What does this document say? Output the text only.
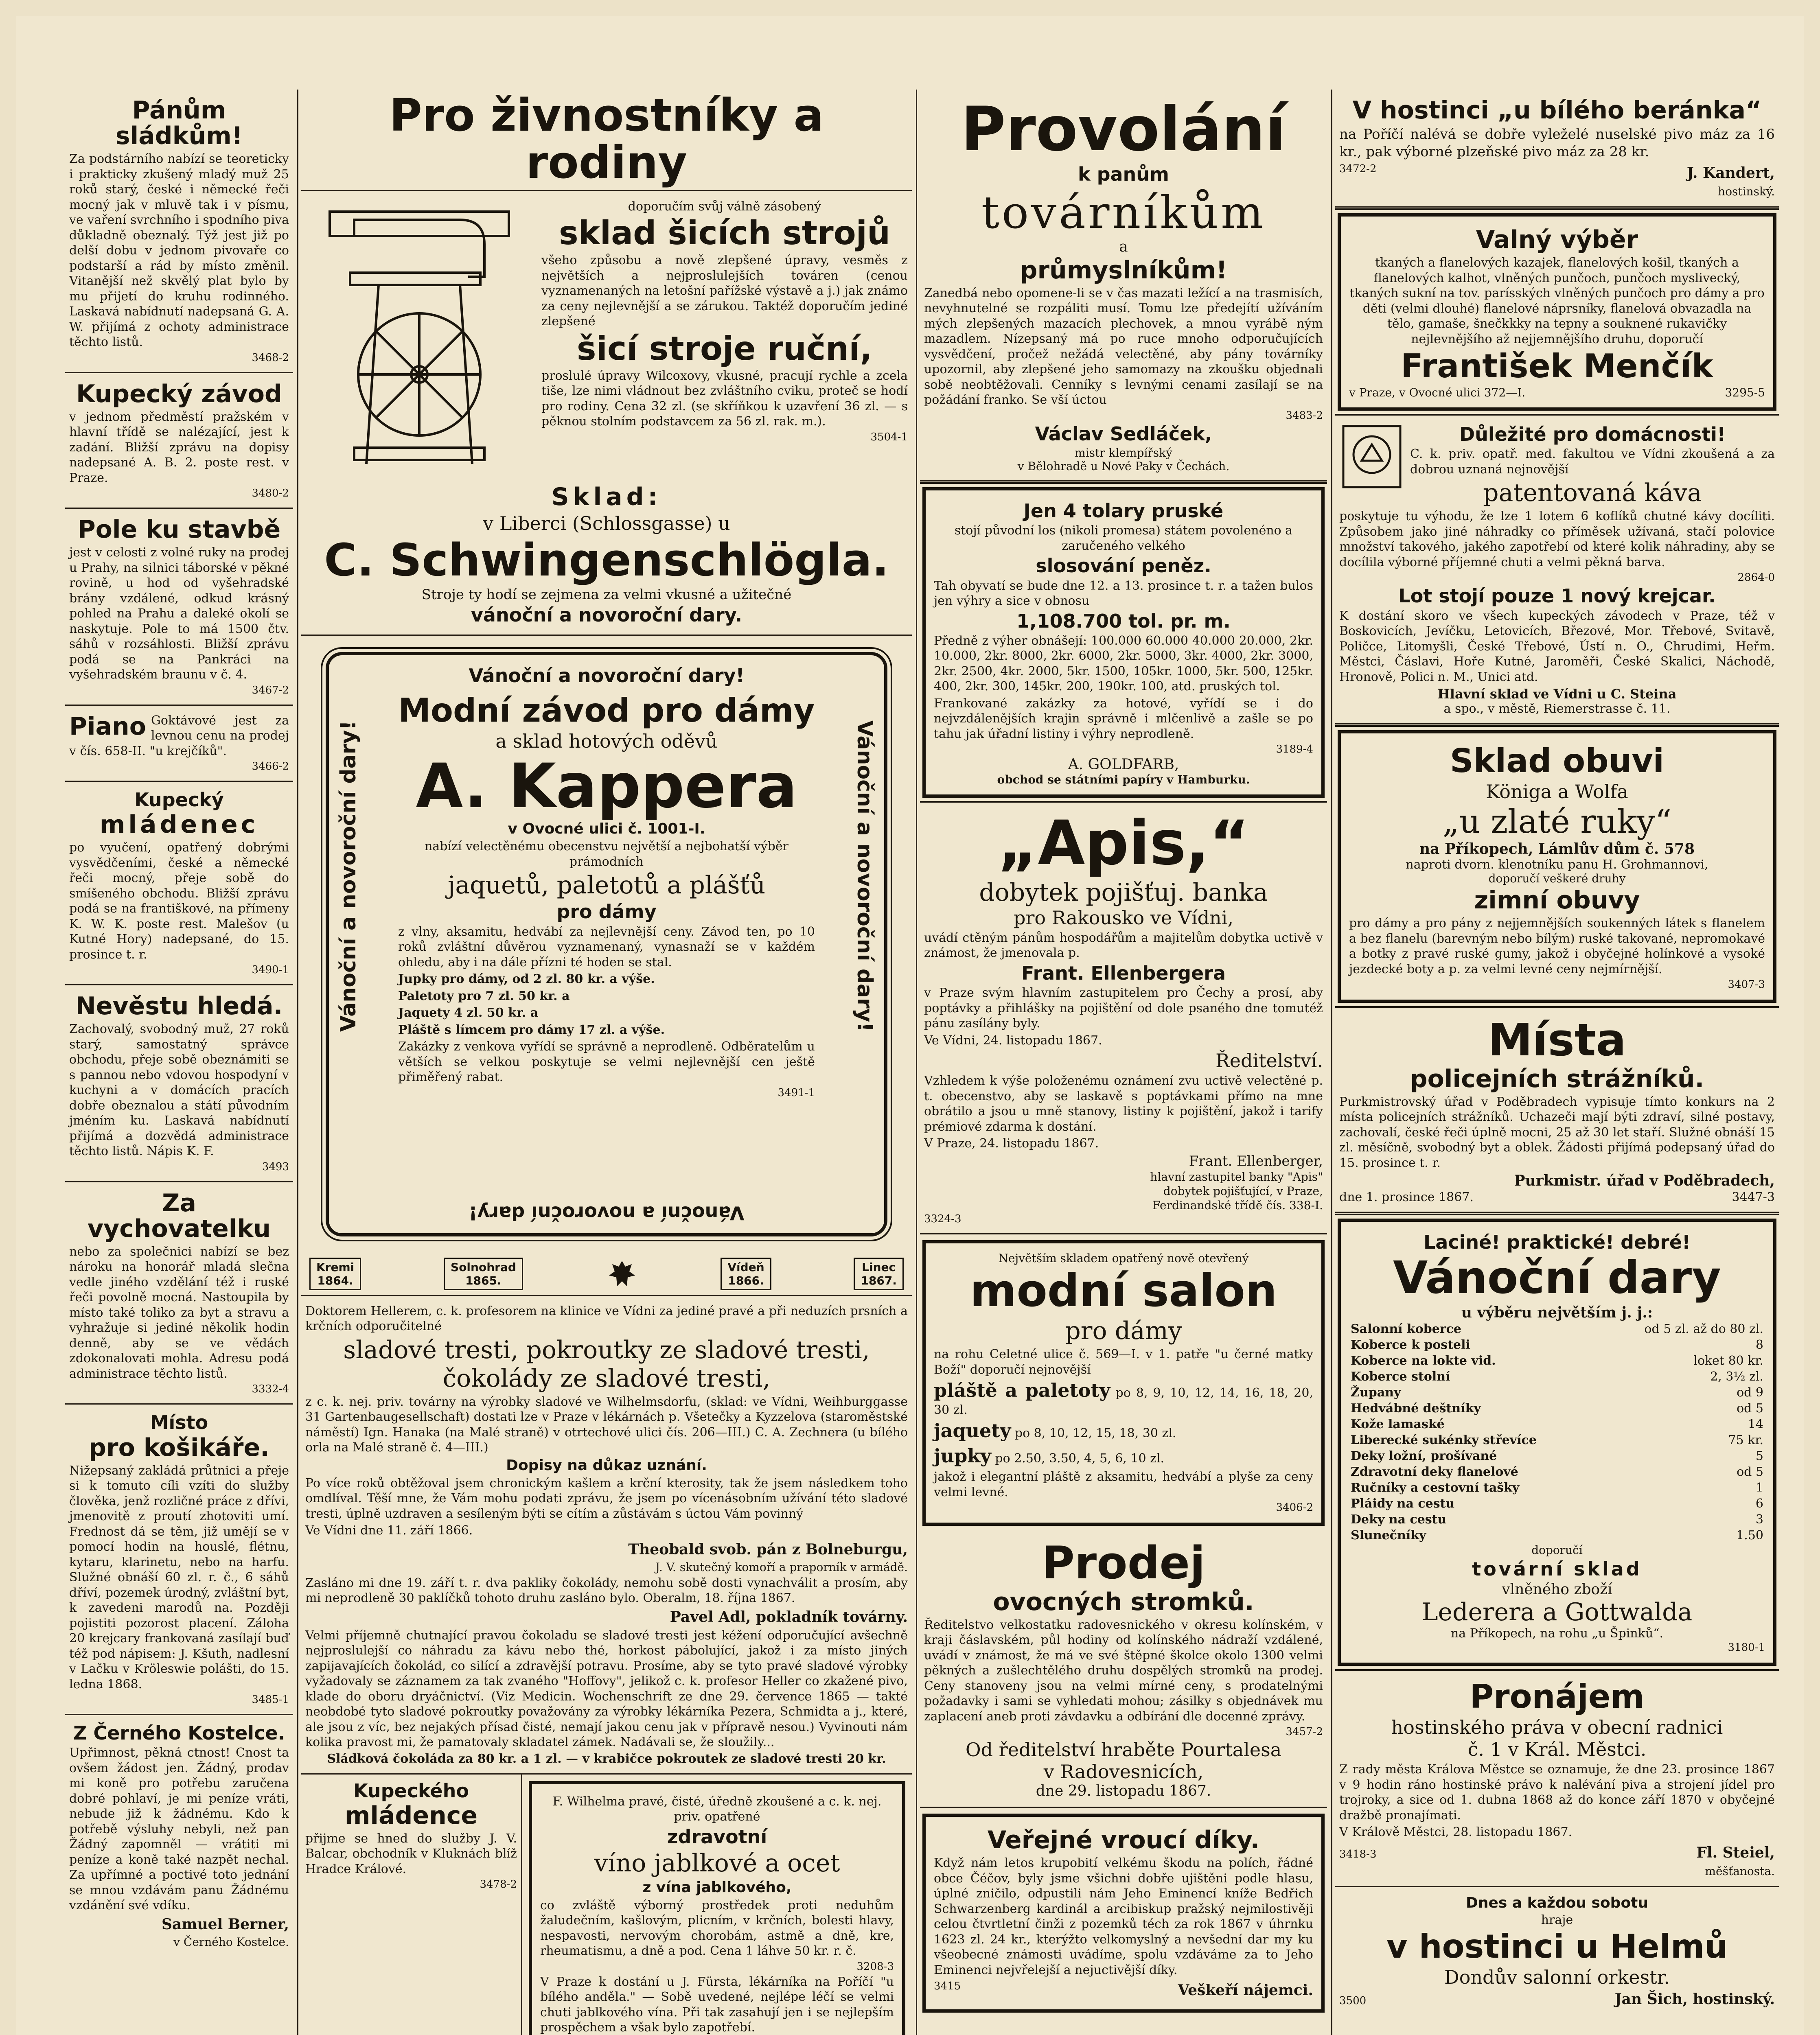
Pánům sládkům!
Za podstárního nabízí se teoreticky i prakticky zkušený mladý muž 25 roků starý, české i německé řeči mocný jak v mluvě tak i v písmu, ve vaření svrchního i spodního piva důkladně obeznalý. Týž jest již po delší dobu v jednom pivovaře co podstarší a rád by místo změnil. Vitanější než skvělý plat bylo by mu přijetí do kruhu rodinného. Laskavá nabídnutí nadepsaná G. A. W. přijímá z ochoty administrace těchto listů.
3468-2
Kupecký závod
v jednom předměstí pražském v hlavní třídě se nalézající, jest k zadání. Bližší zprávu na dopisy nadepsané A. B. 2. poste rest. v Praze.
3480-2
Pole ku stavbě
jest v celosti z volné ruky na prodej u Prahy, na silnici táborské v pěkné rovině, u hod od vyšehradské brány vzdálené, odkud krásný pohled na Prahu a daleké okolí se naskytuje. Pole to má 1500 čtv. sáhů v rozsáhlosti. Bližší zprávu podá se na Pankráci na vyšehradském braunu v č. 4.
3467-2
Piano Goktávové jest za levnou cenu na prodej v čís. 658-II. "u krejčíků".
3466-2
Kupecký
mládenec
po vyučení, opatřený dobrými vysvědčeními, české a německé řeči mocný, přeje sobě do smíšeného obchodu. Bližší zprávu podá se na františkové, na přímeny K. W. K. poste rest. Malešov (u Kutné Hory) nadepsané, do 15. prosince t. r.
3490-1
Nevěstu hledá.
Zachovalý, svobodný muž, 27 roků starý, samostatný správce obchodu, přeje sobě obeznámiti se s pannou nebo vdovou hospodyní v kuchyni a v domácích pracích dobře obeznalou a státí původním jméním ku. Laskavá nabídnutí přijímá a dozvědá administrace těchto listů. Nápis K. F.
3493
Za vychovatelku
nebo za společnici nabízí se bez nároku na honorář mladá slečna vedle jiného vzdělání též i ruské řeči povolně mocná. Nastoupila by místo také toliko za byt a stravu a vyhražuje si jediné několik hodin denně, aby se ve vědách zdokonalovati mohla. Adresu podá administrace těchto listů.
3332-4
Místo
pro košikáře.
Nižepsaný zakládá průtnici a přeje si k tomuto cíli vzíti do služby člověka, jenž rozličné práce z dřívi, jmenovitě z proutí zhotoviti umí. Frednost dá se těm, již umějí se v pomocí hodin na houslé, flétnu, kytaru, klarinetu, nebo na harfu. Služné obnáší 60 zl. r. č., 6 sáhů dříví, pozemek úrodný, zvláštní byt, k zavedeni marodů na. Později pojistiti pozorost placení. Záloha 20 krejcary frankovaná zasílají buď též pod nápisem: J. Kšuth, nadlesní v Lačku v Kröleswie polášti, do 15. ledna 1868.
3485-1
Z Černého Kostelce.
Upřimnost, pěkná ctnost! Cnost ta ovšem žádost jen. Žádný, prodav mi koně pro potřebu zaručena dobré pohlaví, je mi peníze vráti, nebude již k žádnému. Kdo k potřebě výsluhy nebyli, než pan Žádný zapomněl — vrátiti mi peníze a koně také nazpět nechal. Za upřímné a poctivé toto jednání se mnou vzdávám panu Žádnému vzdánění své vdíku.
Samuel Berner,
v Černého Kostelce.
Pro živnostníky a rodiny
doporučím svůj válně zásobený
sklad šicích strojů
všeho způsobu a nově zlepšené úpravy, vesměs z největších a nejproslulejších továren (cenou vyznamenaných na letošní pařížské výstavě a j.) jak známo za ceny nejlevnější a se zárukou. Taktéž doporučím jediné zlepšené
šicí stroje ruční,
proslulé úpravy Wilcoxovy, vkusné, pracují rychle a zcela tiše, lze nimi vládnout bez zvláštního cviku, proteč se hodí pro rodiny. Cena 32 zl. (se skříňkou k uzavření 36 zl. — s pěknou stolním podstavcem za 56 zl. rak. m.).
3504-1
Sklad:
v Liberci (Schlossgasse) u
C. Schwingenschlögla.
Stroje ty hodí se zejmena za velmi vkusné a užitečné
vánoční a novoroční dary.
Vánoční a novoroční dary!
Vánoční a novoroční dary!	Vánoční a novoroční dary!
Modní závod pro dámy
a sklad hotových oděvů
A. Kappera
v Ovocné ulici č. 1001-I.
nabízí velectěnému obecenstvu největší a nejbohatší výběr prámodních
jaquetů, paletotů a plášťů
pro dámy
z vlny, aksamitu, hedvábí za nejlevnější ceny. Závod ten, po 10 roků zvláštní důvěrou vyznamenaný, vynasnaží se v každém ohledu, aby i na dále přízni té hoden se stal.
Jupky pro dámy, od 2 zl. 80 kr. a výše.
Paletoty pro 7 zl. 50 kr. a
Jaquety 4 zl. 50 kr. a
Pláště s límcem pro dámy 17 zl. a výše.
Zakázky z venkova vyřídí se správně a neprodleně. Odběratelům u větších se velkou poskytuje se velmi nejlevnější cen ještě přiměřený rabat.
3491-1
Vánoční a novoroční dary!
Kremi
1864.
Solnohrad
1865.
Vídeň
1866.
Linec
1867.
Doktorem Hellerem, c. k. profesorem na klinice ve Vídni za jediné pravé a při neduzích prsních a krčních odporučitelné
sladové tresti, pokroutky ze sladové tresti,
čokolády ze sladové tresti,
z c. k. nej. priv. továrny na výrobky sladové ve Wilhelmsdorfu, (sklad: ve Vídni, Weihburggasse 31 Gartenbaugesellschaft) dostati lze v Praze v lékárnách p. Všetečky a Kyzzelova (staroměstské náměstí) Ign. Hanaka (na Malé straně) v otrtechové ulici čís. 206—III.) C. A. Zechnera (u bílého orla na Malé straně č. 4—III.)
Dopisy na důkaz uznání.
Po více roků obtěžoval jsem chronickým kašlem a krční kterosity, tak že jsem následkem toho omdlíval. Těší mne, že Vám mohu podati zprávu, že jsem po vícenásobním užívání této sladové tresti, úplně uzdraven a sesíleným býti se cítím a zůstávám s úctou Vám povinný
Ve Vídni dne 11. září 1866.
Theobald svob. pán z Bolneburgu,
J. V. skutečný komoří a praporník v armádě.
Zasláno mi dne 19. září t. r. dva pakliky čokolády, nemohu sobě dosti vynachválit a prosím, aby mi neprodleně 30 paklíčků tohoto druhu zasláno bylo. Oberalm, 18. října 1867.
Pavel Adl, pokladník továrny.
Velmi příjemně chutnající pravou čokoladu se sladové tresti jest kéžení odporučující avšechně nejproslulejší co náhradu za kávu nebo thé, horkost pábolující, jakož i za místo jiných zapijavajících čokolád, co silící a zdravější potravu. Prosíme, aby se tyto pravé sladové výrobky vyžadovaly se záznamem za tak zvaného "Hoffovy", jelikož c. k. profesor Heller co zkažené pivo, klade do oboru dryáčnictví. (Viz Medicin. Wochenschrift ze dne 29. července 1865 — takté neobdobé tyto sladové pokroutky považovány za výrobky lékárníka Pezera, Schmidta a j., které, ale jsou z víc, bez nejakých přísad čisté, nemají jakou cenu jak v přípravě nesou.) Vyvinouti nám kolika pravost mi, že pamatovaly skladatel zámek. Nadávali se, že sloužily...
Sládková čokoláda za 80 kr. a 1 zl. — v krabičce pokroutek ze sladové tresti 20 kr.
Kupeckého
mládence
přijme se hned do služby J. V. Balcar, obchodník v Kluknách blíž Hradce Králové.
3478-2
F. Wilhelma pravé, čisté, úředně zkoušené a c. k. nej. priv. opatřené
zdravotní
víno jablkové a ocet
z vína jablkového,
co zvláště výborný prostředek proti neduhům žaludečním, kašlovým, plicním, v krčních, bolesti hlavy, nespavosti, nervovým chorobám, astmě a dně, kre, rheumatismu, a dně a pod. Cena 1 láhve 50 kr. r. č.
3208-3
V Praze k dostání u J. Fürsta, lékárníka na Poříčí "u bílého anděla." — Sobě uvedené, nejlépe léčí se velmi chuti jablkového vína. Při tak zasahují jen i se nejlepším prospěchem a však bylo zapotřebí.

Provolání
k panům
továrníkům
a
průmyslníkům!
Zanedbá nebo opomene-li se v čas mazati ležící a na trasmisích, nevyhnutelné se rozpáliti musí. Tomu lze předejítí užíváním mých zlepšených mazacích plechovek, a mnou vyrábě ným mazadlem. Nízepsaný má po ruce mnoho odporučujících vysvědčení, pročež nežádá velectěné, aby pány továrníky upozornil, aby zlepšené jeho samomazy na zkoušku objednali sobě neobtěžovali. Cenníky s levnými cenami zasílají se na požádání franko. Se vší úctou
3483-2
Václav Sedláček,
mistr klempířský
v Bělohradě u Nové Paky v Čechách.
Jen 4 tolary pruské
stojí původní los (nikoli promesa) státem povolenéno a zaručeného velkého
slosování peněz.
Tah obyvatí se bude dne 12. a 13. prosince t. r. a tažen bulos jen výhry a sice v obnosu
1,108.700 tol. pr. m.
Předně z výher obnášejí: 100.000 60.000 40.000 20.000, 2kr. 10.000, 2kr. 8000, 2kr. 6000, 2kr. 5000, 3kr. 4000, 2kr. 3000, 2kr. 2500, 4kr. 2000, 5kr. 1500, 105kr. 1000, 5kr. 500, 125kr. 400, 2kr. 300, 145kr. 200, 190kr. 100, atd. pruských tol.
Frankované zakázky za hotové, vyřídí se i do nejvzdálenějších krajin správně i mlčenlivě a zašle se po tahu jak úřadní listiny i výhry neprodleně.
3189-4
A. GOLDFARB,
obchod se státními papíry v Hamburku.
„Apis,“
dobytek pojišťuj. banka
pro Rakousko ve Vídni,
uvádí ctěným pánům hospodářům a majitelům dobytka uctivě v známost, že jmenovala p.
Frant. Ellenbergera
v Praze svým hlavním zastupitelem pro Čechy a prosí, aby poptávky a přihlášky na pojištění od dole psaného dne tomutéž pánu zasílány byly.
Ve Vídni, 24. listopadu 1867.
Ředitelství.
Vzhledem k výše položenému oznámení zvu uctivě velectěné p. t. obecenstvo, aby se laskavě s poptávkami přímo na mne obrátilo a jsou u mně stanovy, listiny k pojištění, jakož i tarify prémiové zdarma k dostání.
V Praze, 24. listopadu 1867.
Frant. Ellenberger,
hlavní zastupitel banky "Apis"
dobytek pojišťující, v Praze,
Ferdinandské třídě čís. 338-I.
3324-3
Největším skladem opatřený nově otevřený
modní salon
pro dámy
na rohu Celetné ulice č. 569—I. v 1. patře "u černé matky Boží" doporučí nejnovější
pláště a paletoty po 8, 9, 10, 12, 14, 16, 18, 20, 30 zl.
jaquety po 8, 10, 12, 15, 18, 30 zl.
jupky po 2.50, 3.50, 4, 5, 6, 10 zl.
jakož i elegantní pláště z aksamitu, hedvábí a plyše za ceny velmi levné.
3406-2
Prodej
ovocných stromků.
Ředitelstvo velkostatku radovesnického v okresu kolínském, v kraji čáslavském, půl hodiny od kolínského nádraží vzdálené, uvádí v známost, že má ve své štěpné školce okolo 1300 velmi pěkných a zušlechtělého druhu dospělých stromků na prodej. Ceny stanoveny jsou na velmi mírné ceny, s prodatelnými požadavky i sami se vyhledati mohou; zásilky s objednávek mu zaplacení aneb proti závdavku a odbírání dle docenné zprávy.
3457-2
Od ředitelství hraběte Pourtalesa
v Radovesnicích,
dne 29. listopadu 1867.
Veřejné vroucí díky.
Když nám letos krupobití velkému škodu na polích, řádné obce Čéčov, byly jsme všichni dobře ujištěni podle hlasu, úplné zničilo, odpustili nám Jeho Eminencí kníže Bedřich Schwarzenberg kardinál a arcibiskup pražský nejmilostivěji celou čtvrtletní činži z pozemků téch za rok 1867 v úhrnku 1623 zl. 24 kr., kterýžto velkomyslný a nevšední dar my ku všeobecné známosti uvádíme, spolu vzdáváme za to Jeho Eminenci nejvřelejší a nejuctivější díky.
3415	Veškeří nájemci.
V hostinci „u bílého beránka“
na Poříčí nalévá se dobře vyleželé nuselské pivo máz za 16 kr., pak výborné plzeňské pivo máz za 28 kr.
3472-2	J. Kandert,
hostinský.
Valný výběr
tkaných a flanelových kazajek, flanelových košil, tkaných a flanelových kalhot, vlněných punčoch, punčoch myslivecký, tkaných sukní na tov. parísských vlněných punčoch pro dámy a pro děti (velmi dlouhé) flanelové náprsníky, flanelová obvazadla na tělo, gamaše, šnečkkky na tepny a souknené rukavičky nejlevnějšího až nejjemnějšího druhu, doporučí
František Menčík
v Praze, v Ovocné ulici 372—I.	3295-5
Důležité pro domácnosti!
C. k. priv. opatř. med. fakultou ve Vídni zkoušená a za dobrou uznaná nejnovější
patentovaná káva
poskytuje tu výhodu, že lze 1 lotem 6 koflíků chutné kávy docíliti. Způsobem jako jiné náhradky co příměsek užívaná, stačí polovice množství takového, jakého zapotřebí od které kolik náhradiny, aby se docílila výborné příjemné chuti a velmi pěkná barva.
2864-0
Lot stojí pouze 1 nový krejcar.
K dostání skoro ve všech kupeckých závodech v Praze, též v Boskovicích, Jevíčku, Letovicích, Březové, Mor. Třebové, Svitavě, Poličce, Litomyšli, České Třebové, Ústí n. O., Chrudimi, Heřm. Městci, Čáslavi, Hoře Kutné, Jaroměři, České Skalici, Náchodě, Hronově, Polici n. M., Unici atd.
Hlavní sklad ve Vídni u C. Steina
a spo., v městě, Riemerstrasse č. 11.
Sklad obuvi
Königa a Wolfa
„u zlaté ruky“
na Příkopech, Lámlův dům č. 578
naproti dvorn. klenotníku panu H. Grohmannovi,
doporučí veškeré druhy
zimní obuvy
pro dámy a pro pány z nejjemnějších soukenných látek s flanelem a bez flanelu (barevným nebo bílým) ruské takované, nepromokavé a botky z pravé ruské gumy, jakož i obyčejné holínkové a vysoké jezdecké boty a p. za velmi levné ceny nejmírnější.
3407-3
Místa
policejních strážníků.
Purkmistrovský úřad v Poděbradech vypisuje tímto konkurs na 2 místa policejních strážníků. Uchazeči mají býti zdraví, silné postavy, zachovalí, české řeči úplně mocni, 25 až 30 let staří. Služné obnáší 15 zl. měsíčně, svobodný byt a oblek. Žádosti přijímá podepsaný úřad do 15. prosince t. r.
Purkmistr. úřad v Poděbradech,
dne 1. prosince 1867.	3447-3
Laciné! praktické! debré!
Vánoční dary
u výběru největším j. j.:
Salonní koberce	od 5 zl. až do 80 zl.
Koberce k posteli	8
Koberce na lokte vid.	loket 80 kr.
Koberce stolní	2, 3½ zl.
Župany	od 9
Hedvábné deštníky	od 5
Kože lamaské	14
Liberecké sukénky střevíce	75 kr.
Deky ložní, prošívané	5
Zdravotní deky flanelové	od 5
Ručníky a cestovní tašky	1
Pláidy na cestu	6
Deky na cestu	3
Slunečníky	1.50
doporučí
tovární sklad
vlněného zboží
Lederera a Gottwalda
na Příkopech, na rohu „u Špinků“.
3180-1
Pronájem
hostinského práva v obecní radnici
č. 1 v Král. Městci.
Z rady města Králova Městce se oznamuje, že dne 23. prosince 1867 v 9 hodin ráno hostinské právo k nalévání piva a strojení jídel pro trojroky, a sice od 1. dubna 1868 až do konce září 1870 v obyčejné dražbě pronajímati.
V Králově Městci, 28. listopadu 1867.
3418-3	Fl. Steiel,
měšťanosta.
Dnes a každou sobotu
hraje
v hostinci u Helmů
Dondův salonní orkestr.
3500	Jan Šich, hostinský.
